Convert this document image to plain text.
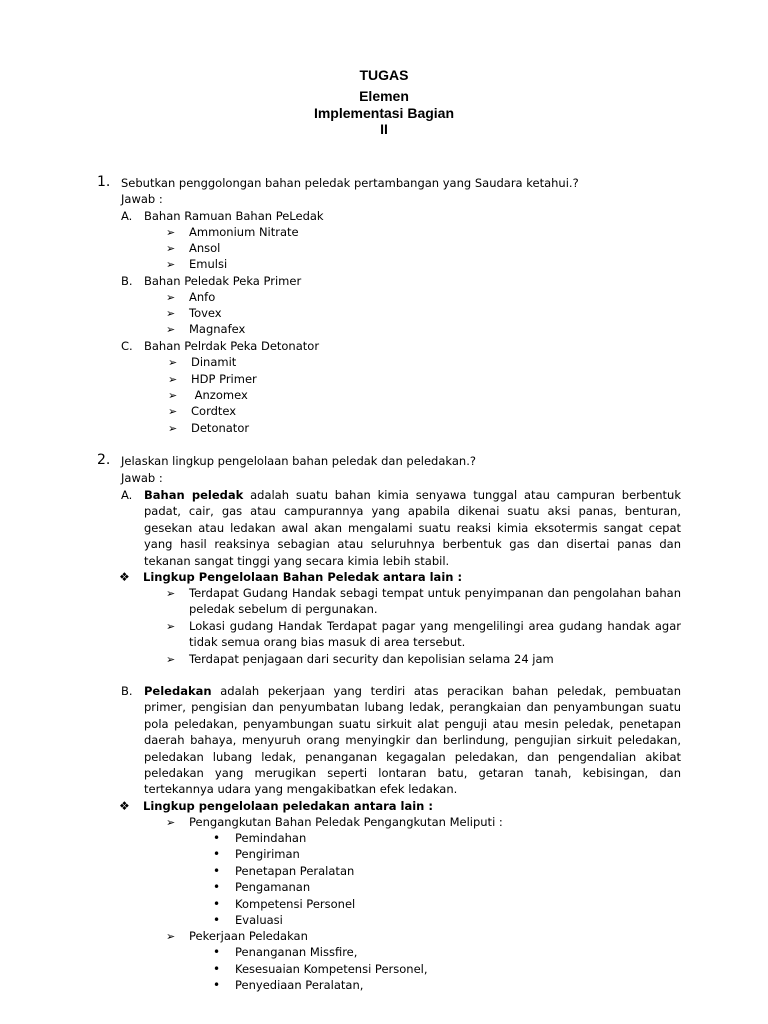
TUGAS
Elemen
Implementasi Bagian
II
1. Sebutkan penggolongan bahan peledak pertambangan yang Saudara ketahui.?
Jawab :
A. Bahan Ramuan Bahan PeLedak
➢ Ammonium Nitrate
➢ Ansol
➢ Emulsi
B. Bahan Peledak Peka Primer
➢ Anfo
➢ Tovex
➢ Magnafex
C. Bahan Pelrdak Peka Detonator
➢ Dinamit
➢ HDP Primer
➢ Anzomex
➢ Cordtex
➢ Detonator
2. Jelaskan lingkup pengelolaan bahan peledak dan peledakan.?
Jawab :
A. Bahan peledak adalah suatu bahan kimia senyawa tunggal atau campuran berbentuk padat, cair, gas atau campurannya yang apabila dikenai suatu aksi panas, benturan, gesekan atau ledakan awal akan mengalami suatu reaksi kimia eksotermis sangat cepat yang hasil reaksinya sebagian atau seluruhnya berbentuk gas dan disertai panas dan tekanan sangat tinggi yang secara kimia lebih stabil.
❖ Lingkup Pengelolaan Bahan Peledak antara lain :
➢ Terdapat Gudang Handak sebagi tempat untuk penyimpanan dan pengolahan bahan peledak sebelum di pergunakan.
➢ Lokasi gudang Handak Terdapat pagar yang mengelilingi area gudang handak agar tidak semua orang bias masuk di area tersebut.
➢ Terdapat penjagaan dari security dan kepolisian selama 24 jam
B. Peledakan adalah pekerjaan yang terdiri atas peracikan bahan peledak, pembuatan primer, pengisian dan penyumbatan lubang ledak, perangkaian dan penyambungan suatu pola peledakan, penyambungan suatu sirkuit alat penguji atau mesin peledak, penetapan daerah bahaya, menyuruh orang menyingkir dan berlindung, pengujian sirkuit peledakan, peledakan lubang ledak, penanganan kegagalan peledakan, dan pengendalian akibat peledakan yang merugikan seperti lontaran batu, getaran tanah, kebisingan, dan tertekannya udara yang mengakibatkan efek ledakan.
❖ Lingkup pengelolaan peledakan antara lain :
➢ Pengangkutan Bahan Peledak Pengangkutan Meliputi :
• Pemindahan
• Pengiriman
• Penetapan Peralatan
• Pengamanan
• Kompetensi Personel
• Evaluasi
➢ Pekerjaan Peledakan
• Penanganan Missfire,
• Kesesuaian Kompetensi Personel,
• Penyediaan Peralatan,
